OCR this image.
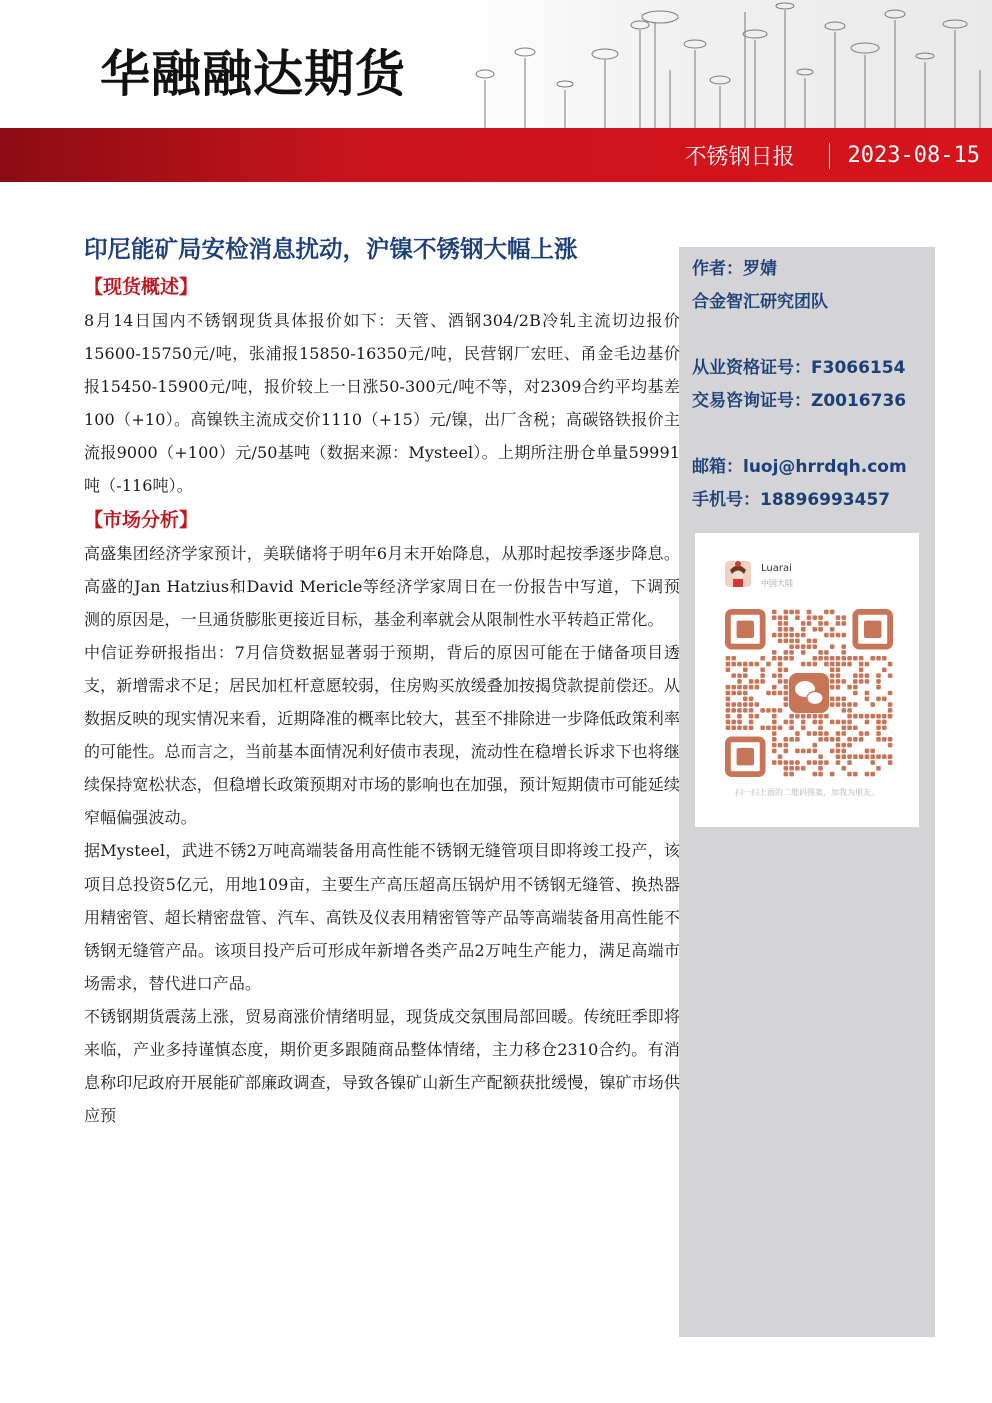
华融融达期货
不锈钢日报 2023-08-15
作者：罗婧
合金智汇研究团队
从业资格证号：F3066154
交易咨询证号：Z0016736
邮箱：luoj@hrrdqh.com
手机号：18896993457
Luarai
中国大陆
扫一扫上面的二维码图案，加我为朋友。
印尼能矿局安检消息扰动，沪镍不锈钢大幅上涨
【现货概述】

8月14日国内不锈钢现货具体报价如下：天管、酒钢304/2B冷轧主流切边报价15600-15750元/吨，张浦报15850-16350元/吨，民营钢厂宏旺、甬金毛边基价报15450-15900元/吨，报价较上一日涨50-300元/吨不等，对2309合约平均基差100（+10）。高镍铁主流成交价1110（+15）元/镍，出厂含税；高碳铬铁报价主流报9000（+100）元/50基吨（数据来源：Mysteel）。上期所注册仓单量59991吨（-116吨）。

【市场分析】

高盛集团经济学家预计，美联储将于明年6月末开始降息，从那时起按季逐步降息。高盛的Jan Hatzius和David Mericle等经济学家周日在一份报告中写道，下调预测的原因是，一旦通货膨胀更接近目标，基金利率就会从限制性水平转趋正常化。

中信证券研报指出：7月信贷数据显著弱于预期，背后的原因可能在于储备项目透支，新增需求不足；居民加杠杆意愿较弱，住房购买放缓叠加按揭贷款提前偿还。从数据反映的现实情况来看，近期降准的概率比较大，甚至不排除进一步降低政策利率的可能性。总而言之，当前基本面情况利好债市表现，流动性在稳增长诉求下也将继续保持宽松状态，但稳增长政策预期对市场的影响也在加强，预计短期债市可能延续窄幅偏强波动。

据Mysteel，武进不锈2万吨高端装备用高性能不锈钢无缝管项目即将竣工投产，该项目总投资5亿元，用地109亩，主要生产高压超高压锅炉用不锈钢无缝管、换热器用精密管、超长精密盘管、汽车、高铁及仪表用精密管等产品等高端装备用高性能不锈钢无缝管产品。该项目投产后可形成年新增各类产品2万吨生产能力，满足高端市场需求，替代进口产品。

不锈钢期货震荡上涨，贸易商涨价情绪明显，现货成交氛围局部回暖。传统旺季即将来临，产业多持谨慎态度，期价更多跟随商品整体情绪，主力移仓2310合约。有消息称印尼政府开展能矿部廉政调查，导致各镍矿山新生产配额获批缓慢，镍矿市场供应预
